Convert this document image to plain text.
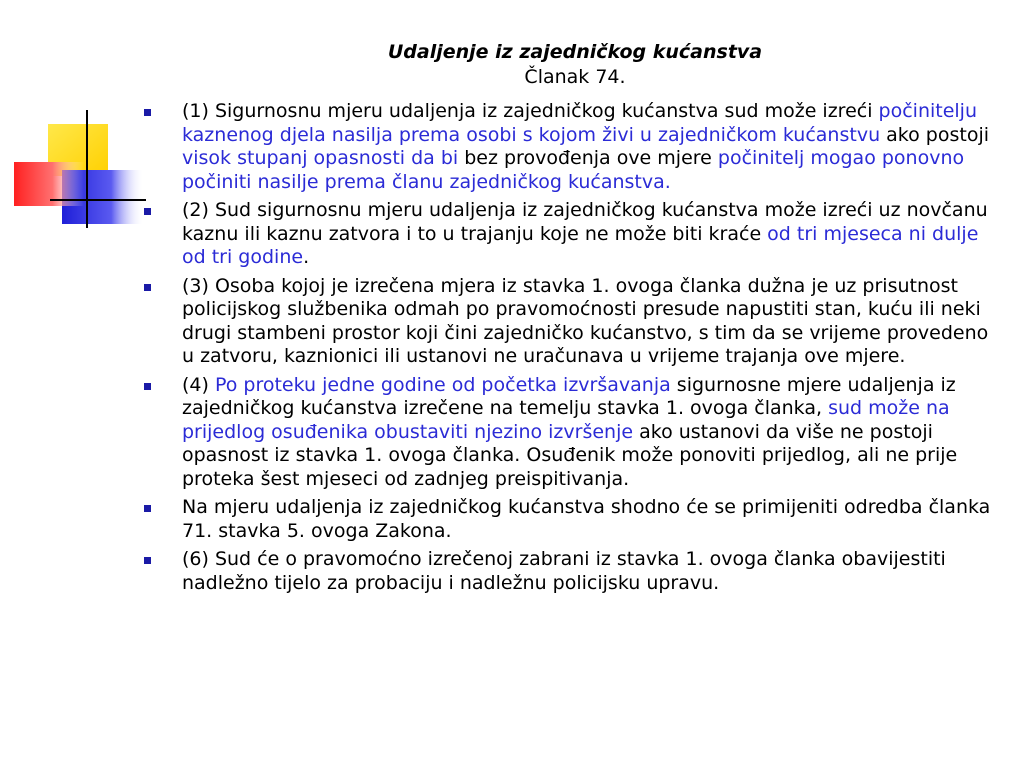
Udaljenje iz zajedničkog kućanstva
Članak 74.
(1) Sigurnosnu mjeru udaljenja iz zajedničkog kućanstva sud može izreći počinitelju kaznenog djela nasilja prema osobi s kojom živi u zajedničkom kućanstvu ako postoji visok stupanj opasnosti da bi bez provođenja ove mjere počinitelj mogao ponovno počiniti nasilje prema članu zajedničkog kućanstva.
(2) Sud sigurnosnu mjeru udaljenja iz zajedničkog kućanstva može izreći uz novčanu kaznu ili kaznu zatvora i to u trajanju koje ne može biti kraće od tri mjeseca ni dulje od tri godine.
(3) Osoba kojoj je izrečena mjera iz stavka 1. ovoga članka dužna je uz prisutnost policijskog službenika odmah po pravomoćnosti presude napustiti stan, kuću ili neki drugi stambeni prostor koji čini zajedničko kućanstvo, s tim da se vrijeme provedeno u zatvoru, kaznionici ili ustanovi ne uračunava u vrijeme trajanja ove mjere.
(4) Po proteku jedne godine od početka izvršavanja sigurnosne mjere udaljenja iz zajedničkog kućanstva izrečene na temelju stavka 1. ovoga članka, sud može na prijedlog osuđenika obustaviti njezino izvršenje ako ustanovi da više ne postoji opasnost iz stavka 1. ovoga članka. Osuđenik može ponoviti prijedlog, ali ne prije proteka šest mjeseci od zadnjeg preispitivanja.
Na mjeru udaljenja iz zajedničkog kućanstva shodno će se primijeniti odredba članka 71. stavka 5. ovoga Zakona.
(6) Sud će o pravomoćno izrečenoj zabrani iz stavka 1. ovoga članka obavijestiti nadležno tijelo za probaciju i nadležnu policijsku upravu.
